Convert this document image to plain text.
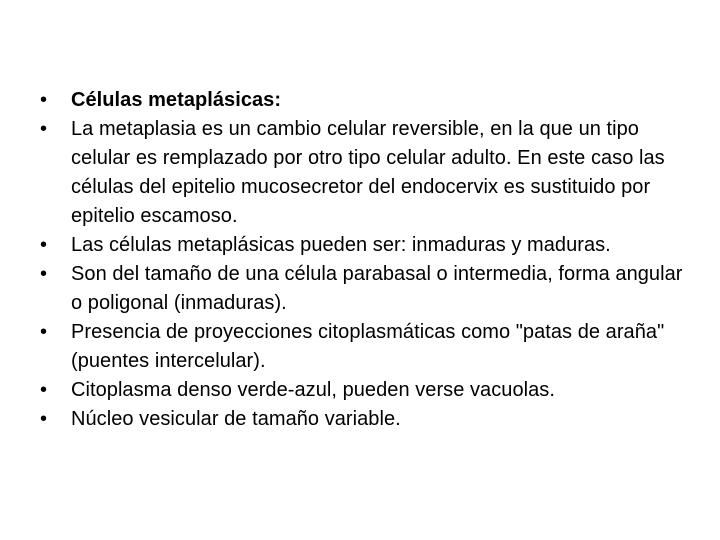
•	Células metaplásicas:
•	La metaplasia es un cambio celular reversible, en la que un tipo celular es remplazado por otro tipo celular adulto. En este caso las células del epitelio mucosecretor del endocervix es sustituido por epitelio escamoso.
•	Las células metaplásicas pueden ser: inmaduras y maduras.
•	Son del tamaño de una célula parabasal o intermedia, forma angular o poligonal (inmaduras).
•	Presencia de proyecciones citoplasmáticas como "patas de araña"(puentes intercelular).
•	Citoplasma denso verde-azul, pueden verse vacuolas.
•	Núcleo vesicular de tamaño variable.
